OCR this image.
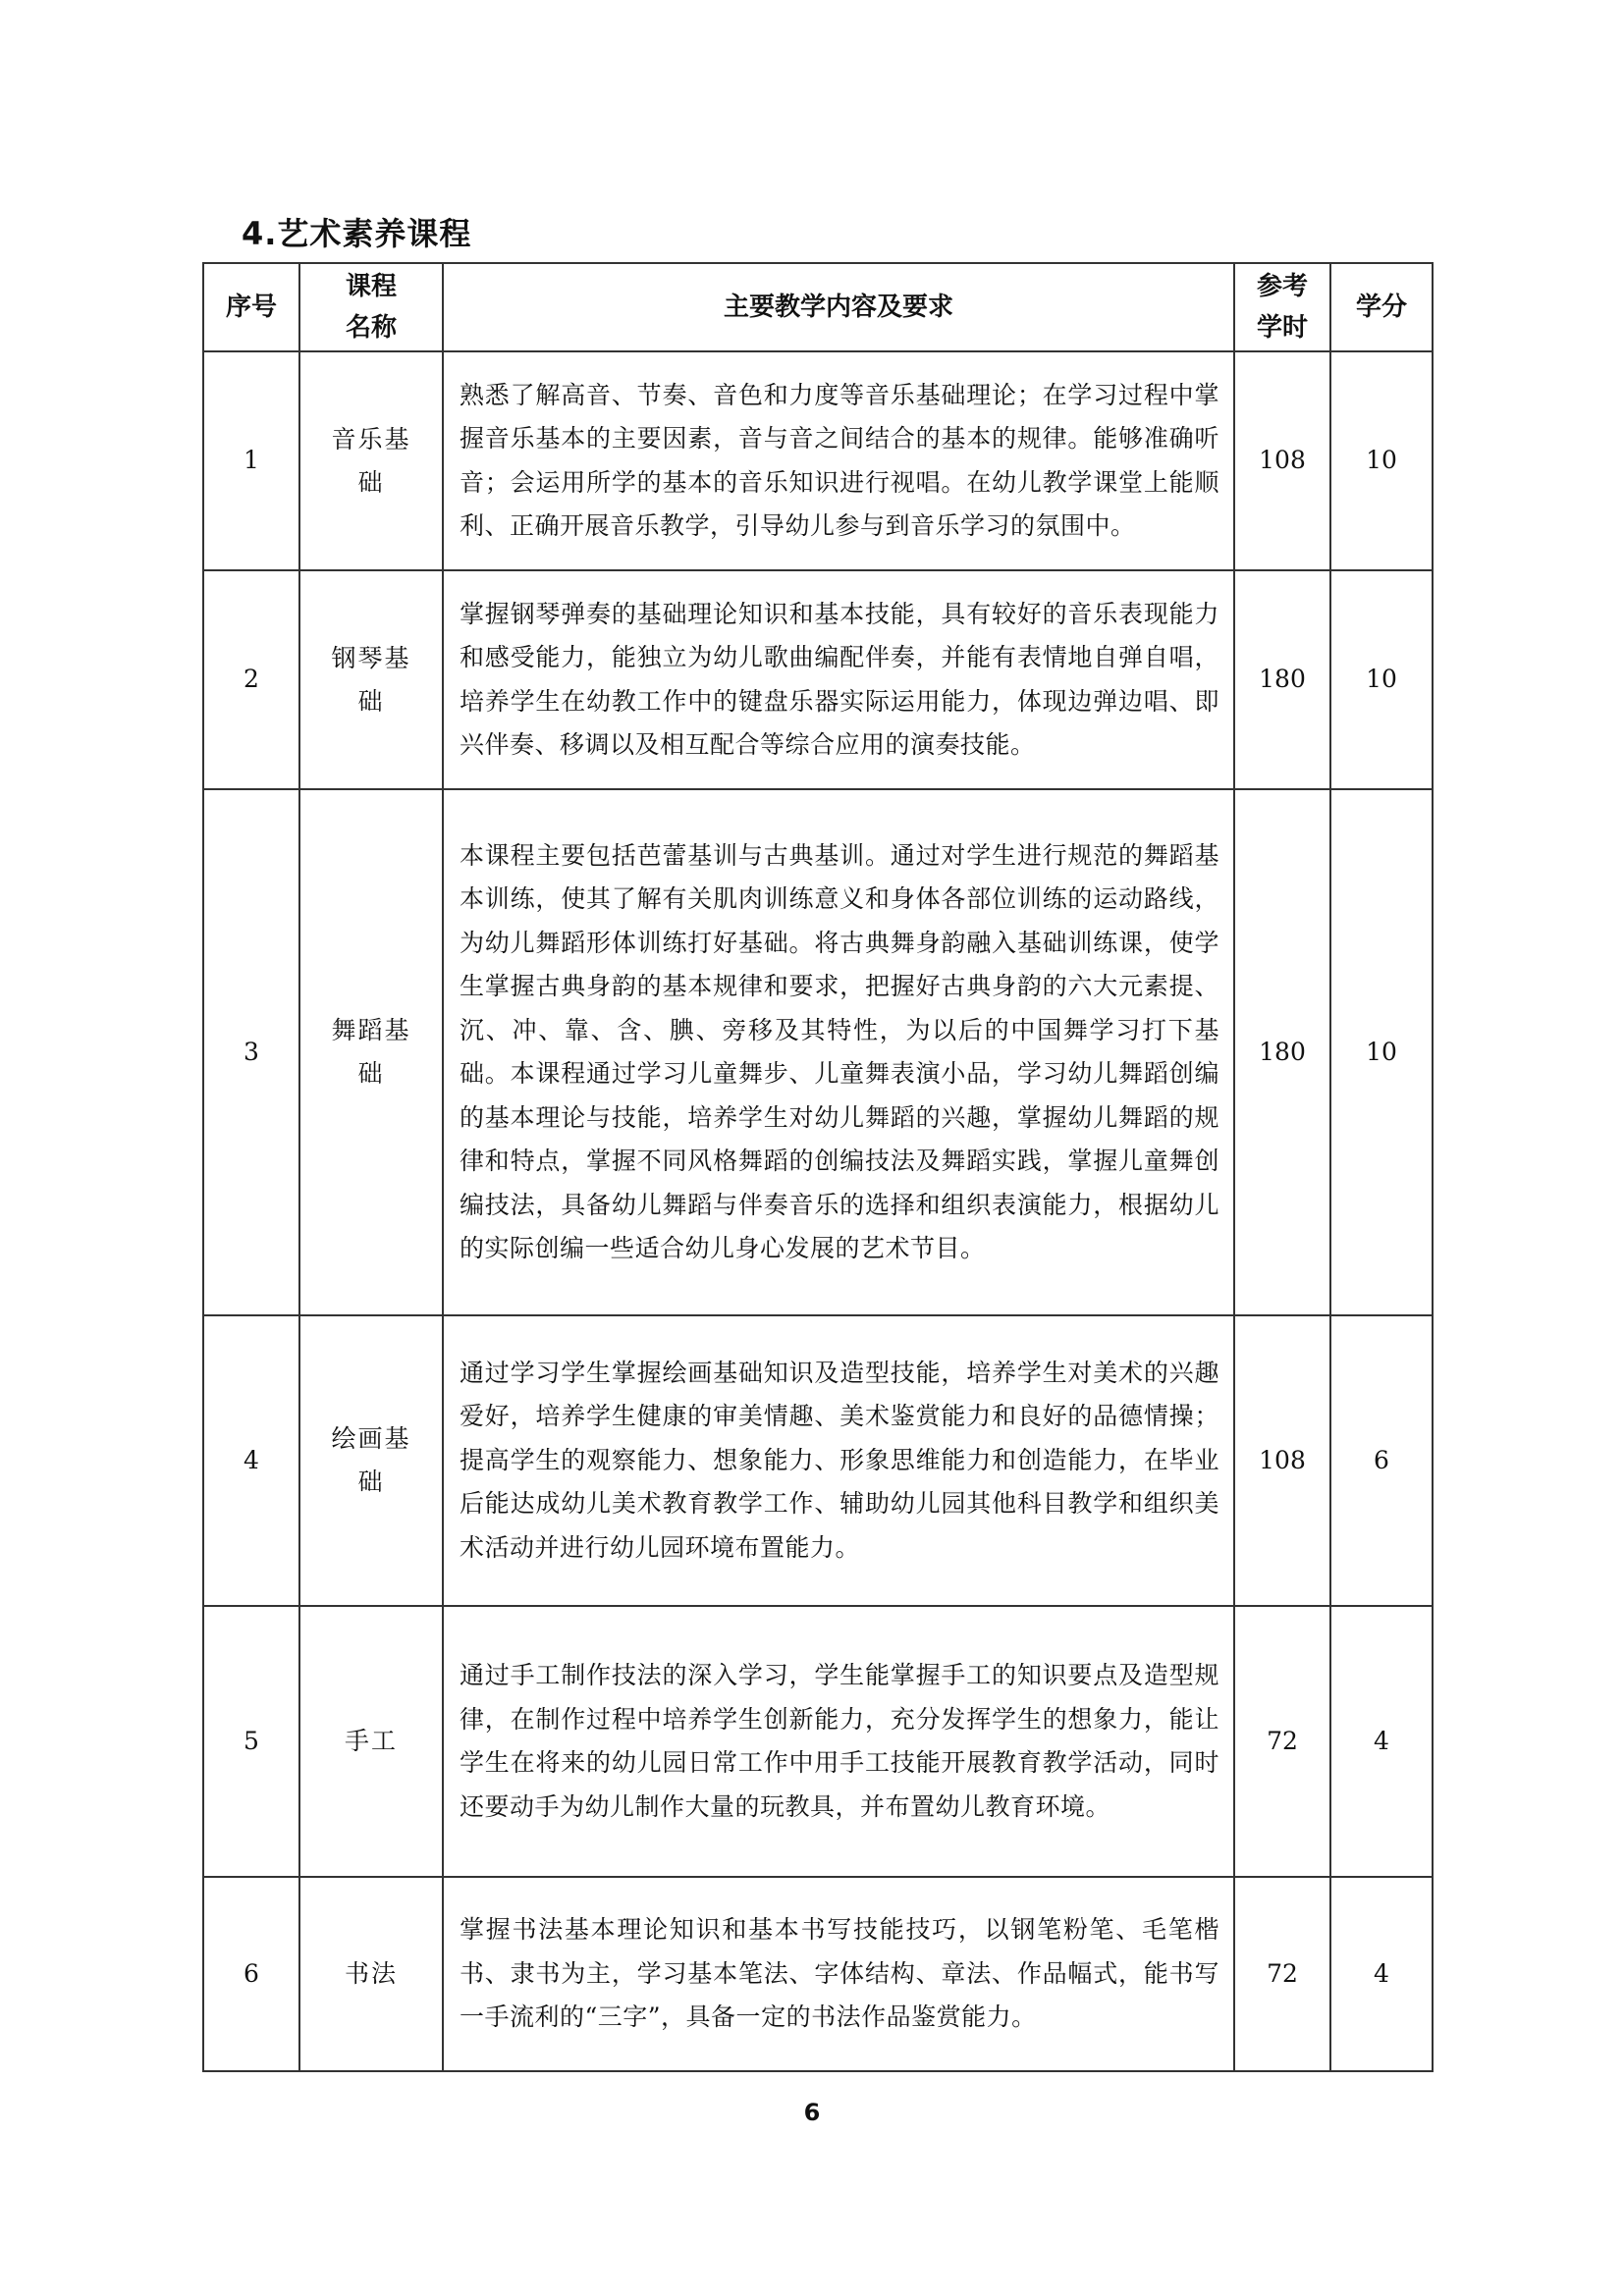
4.艺术素养课程
序号	课程名称	主要教学内容及要求	参考学时	学分
1	音乐基础	熟悉了解高音、节奏、音色和力度等音乐基础理论；在学习过程中掌握音乐基本的主要因素，音与音之间结合的基本的规律。能够准确听音；会运用所学的基本的音乐知识进行视唱。在幼儿教学课堂上能顺利、正确开展音乐教学，引导幼儿参与到音乐学习的氛围中。	108	10
2	钢琴基础	掌握钢琴弹奏的基础理论知识和基本技能，具有较好的音乐表现能力和感受能力，能独立为幼儿歌曲编配伴奏，并能有表情地自弹自唱，培养学生在幼教工作中的键盘乐器实际运用能力，体现边弹边唱、即兴伴奏、移调以及相互配合等综合应用的演奏技能。	180	10
3	舞蹈基础	本课程主要包括芭蕾基训与古典基训。通过对学生进行规范的舞蹈基本训练，使其了解有关肌肉训练意义和身体各部位训练的运动路线，为幼儿舞蹈形体训练打好基础。将古典舞身韵融入基础训练课，使学生掌握古典身韵的基本规律和要求，把握好古典身韵的六大元素提、沉、冲、靠、含、腆、旁移及其特性，为以后的中国舞学习打下基础。本课程通过学习儿童舞步、儿童舞表演小品，学习幼儿舞蹈创编的基本理论与技能，培养学生对幼儿舞蹈的兴趣，掌握幼儿舞蹈的规律和特点，掌握不同风格舞蹈的创编技法及舞蹈实践，掌握儿童舞创编技法，具备幼儿舞蹈与伴奏音乐的选择和组织表演能力，根据幼儿的实际创编一些适合幼儿身心发展的艺术节目。	180	10
4	绘画基础	通过学习学生掌握绘画基础知识及造型技能，培养学生对美术的兴趣爱好，培养学生健康的审美情趣、美术鉴赏能力和良好的品德情操；提高学生的观察能力、想象能力、形象思维能力和创造能力，在毕业后能达成幼儿美术教育教学工作、辅助幼儿园其他科目教学和组织美术活动并进行幼儿园环境布置能力。	108	6
5	手工	通过手工制作技法的深入学习，学生能掌握手工的知识要点及造型规律，在制作过程中培养学生创新能力，充分发挥学生的想象力，能让学生在将来的幼儿园日常工作中用手工技能开展教育教学活动，同时还要动手为幼儿制作大量的玩教具，并布置幼儿教育环境。	72	4
6	书法	掌握书法基本理论知识和基本书写技能技巧，以钢笔粉笔、毛笔楷书、隶书为主，学习基本笔法、字体结构、章法、作品幅式，能书写一手流利的“三字”，具备一定的书法作品鉴赏能力。	72	4
6
